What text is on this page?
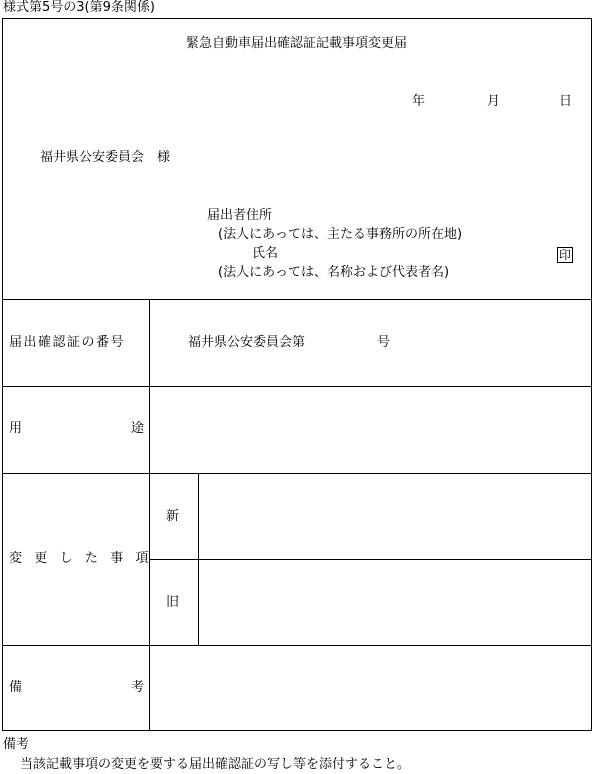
様式第5号の3(第9条関係)
緊急自動車届出確認証記載事項変更届
年	月	日
福井県公安委員会　様
届出者住所
(法人にあっては、主たる事務所の所在地)
氏名	印
(法人にあっては、名称および代表者名)
届出確認証の番号	福井県公安委員会第	号
用	途
変更した事項
新
旧
備	考
備考
当該記載事項の変更を要する届出確認証の写し等を添付すること。
